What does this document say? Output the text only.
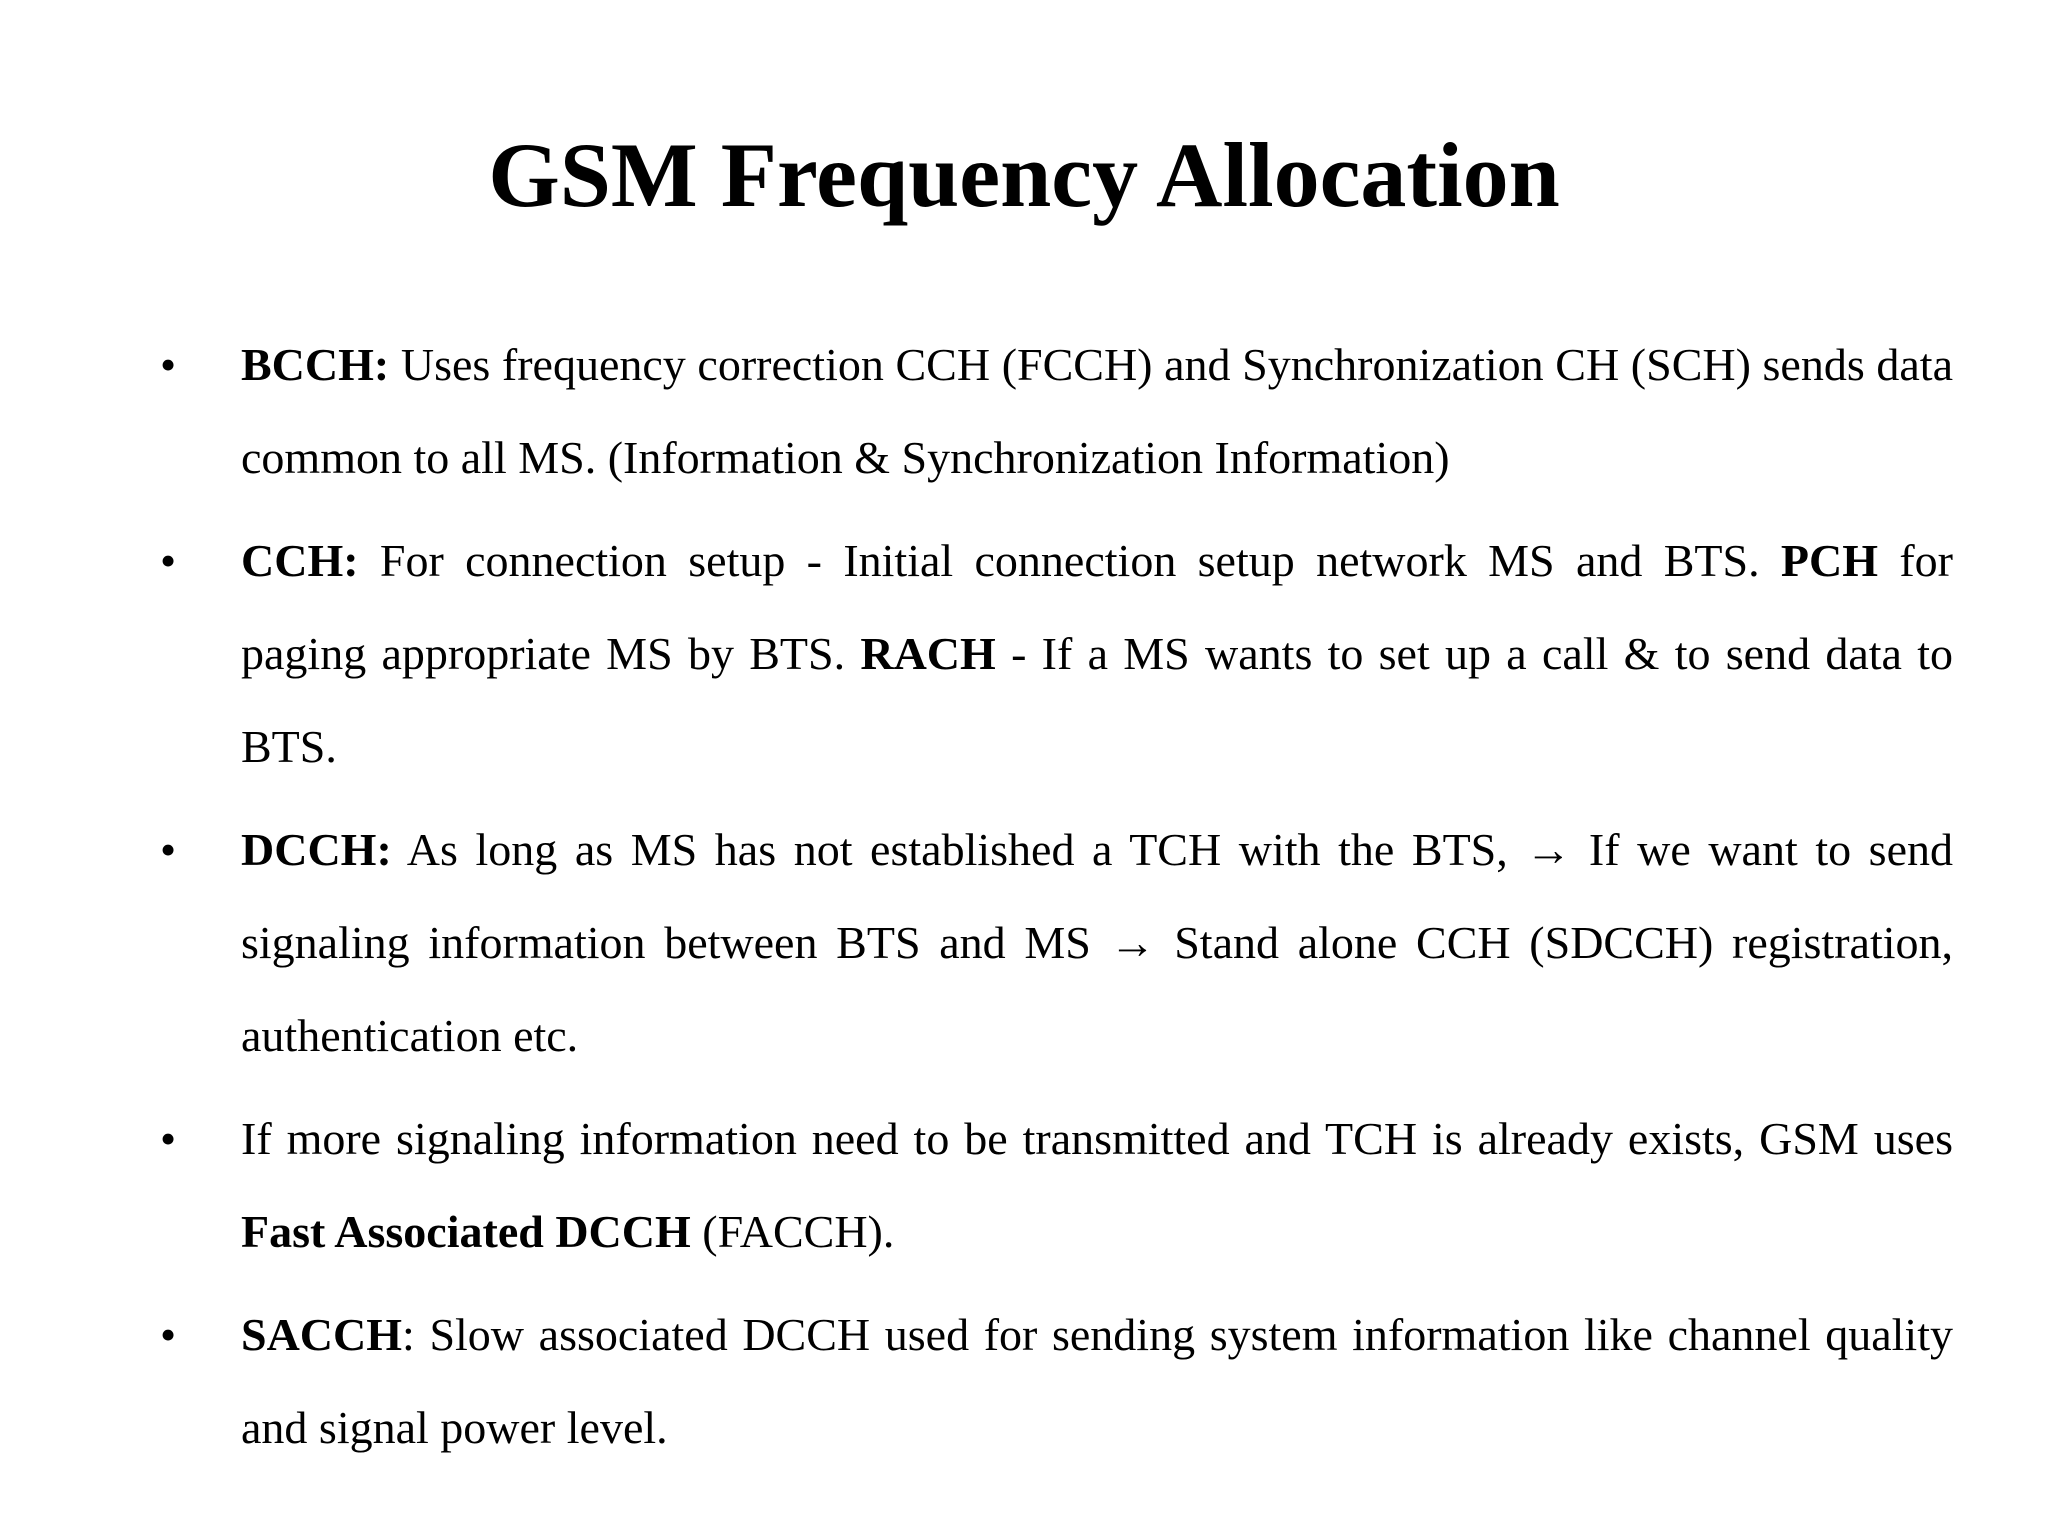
GSM Frequency Allocation
• BCCH: Uses frequency correction CCH (FCCH) and Synchronization CH (SCH) sends data common to all MS. (Information & Synchronization Information)
• CCH: For connection setup - Initial connection setup network MS and BTS. PCH for paging appropriate MS by BTS. RACH - If a MS wants to set up a call & to send data to BTS.
• DCCH: As long as MS has not established a TCH with the BTS, → If we want to send signaling information between BTS and MS → Stand alone CCH (SDCCH) registration, authentication etc.
• If more signaling information need to be transmitted and TCH is already exists, GSM uses Fast Associated DCCH (FACCH).
• SACCH: Slow associated DCCH used for sending system information like channel quality and signal power level.
